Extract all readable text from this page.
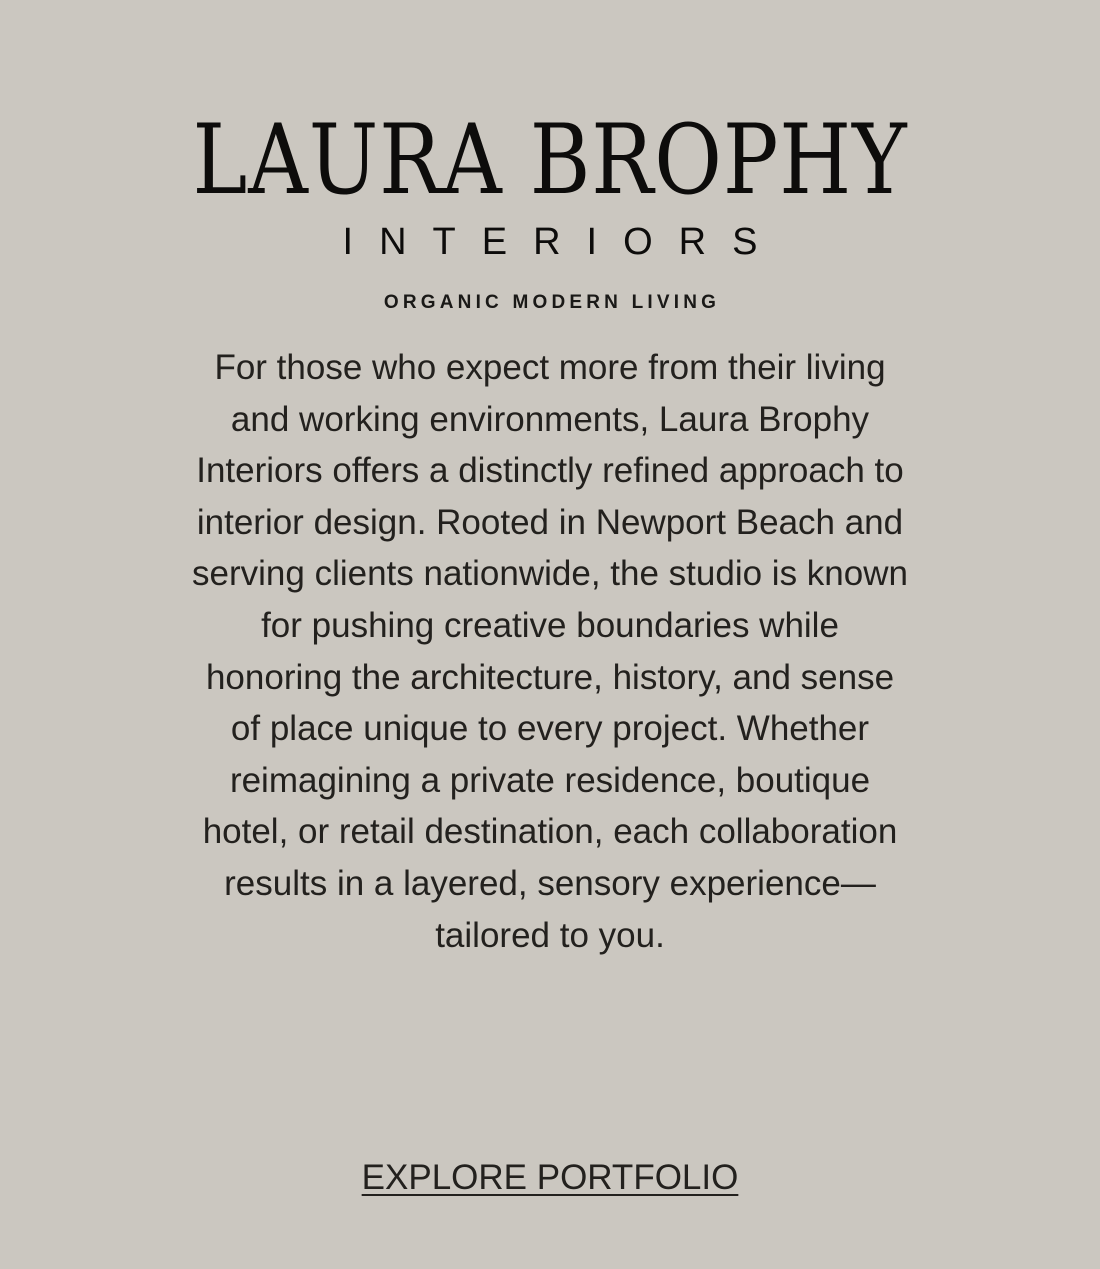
LAURA BROPHY
INTERIORS
ORGANIC MODERN LIVING

For those who expect more from their living and working environments, Laura Brophy Interiors offers a distinctly refined approach to interior design. Rooted in Newport Beach and serving clients nationwide, the studio is known for pushing creative boundaries while honoring the architecture, history, and sense of place unique to every project. Whether reimagining a private residence, boutique hotel, or retail destination, each collaboration results in a layered, sensory experience—tailored to you.

EXPLORE PORTFOLIO
